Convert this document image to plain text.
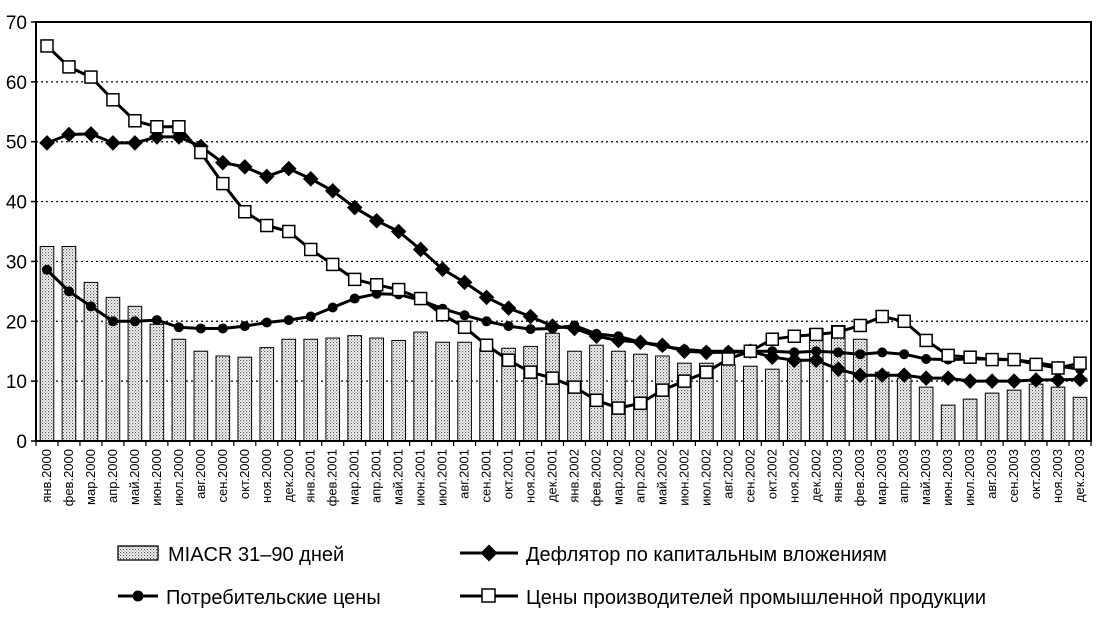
0
10
20
30
40
50
60
70
янв.2000 фев.2000 мар.2000 апр.2000 май.2000 июн.2000 июл.2000 авг.2000 сен.2000 окт.2000 ноя.2000 дек.2000 янв.2001 фев.2001 мар.2001 апр.2001 май.2001 июн.2001 июл.2001 авг.2001 сен.2001 окт.2001 ноя.2001 дек.2001 янв.2002 фев.2002 мар.2002 апр.2002 май.2002 июн.2002 июл.2002 авг.2002 сен.2002 окт.2002 ноя.2002 дек.2002 янв.2003 фев.2003 мар.2003 апр.2003 май.2003 июн.2003 июл.2003 авг.2003 сен.2003 окт.2003 ноя.2003 дек.2003
MIACR 31–90 дней	Дефлятор по капитальным вложениям
Потребительские цены	Цены производителей промышленной продукции
